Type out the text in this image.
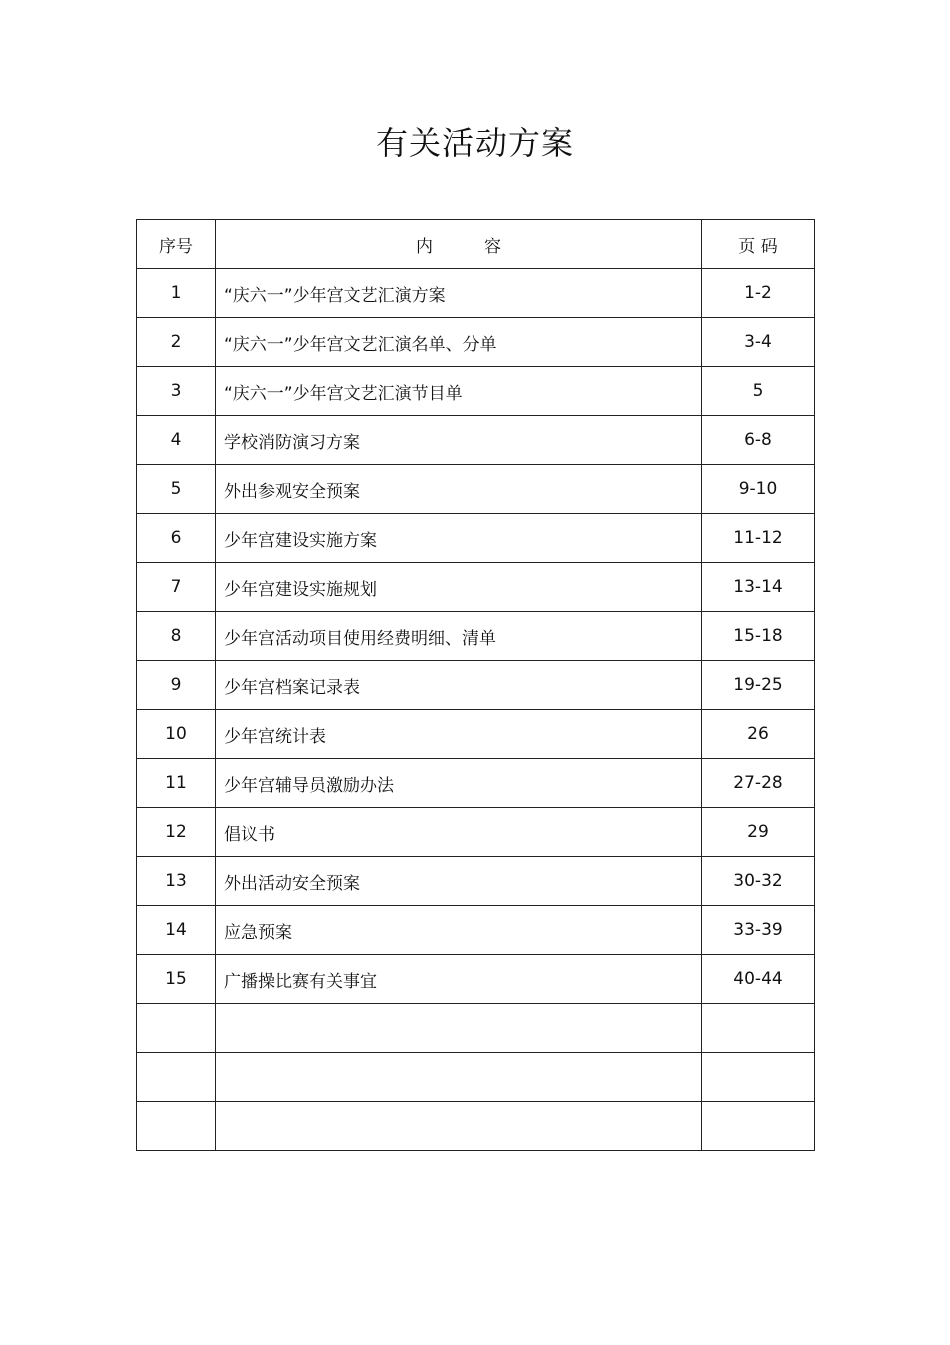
有关活动方案
序号	内　　　容	页 码
1	“庆六一”少年宫文艺汇演方案	1-2
2	“庆六一”少年宫文艺汇演名单、分单	3-4
3	“庆六一”少年宫文艺汇演节目单	5
4	学校消防演习方案	6-8
5	外出参观安全预案	9-10
6	少年宫建设实施方案	11-12
7	少年宫建设实施规划	13-14
8	少年宫活动项目使用经费明细、清单	15-18
9	少年宫档案记录表	19-25
10	少年宫统计表	26
11	少年宫辅导员激励办法	27-28
12	倡议书	29
13	外出活动安全预案	30-32
14	应急预案	33-39
15	广播操比赛有关事宜	40-44
